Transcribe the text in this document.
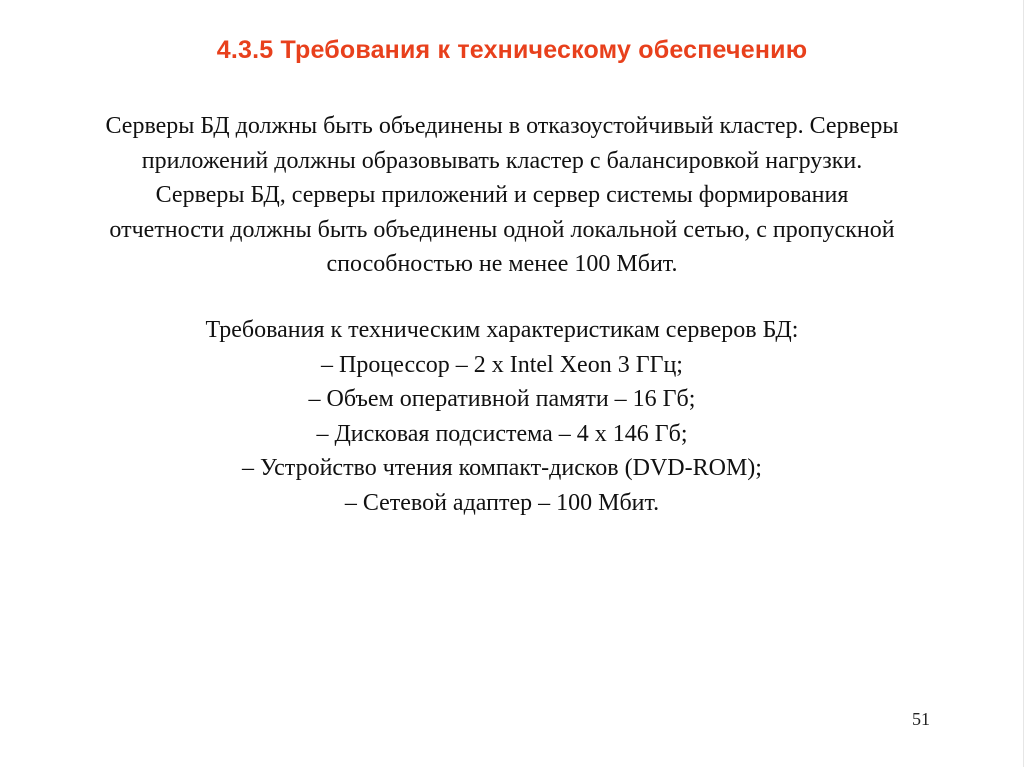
4.3.5 Требования к техническому обеспечению

Серверы БД должны быть объединены в отказоустойчивый кластер. Серверы
приложений должны образовывать кластер с балансировкой нагрузки.
Серверы БД, серверы приложений и сервер системы формирования
отчетности должны быть объединены одной локальной сетью, с пропускной
способностью не менее 100 Мбит.

Требования к техническим характеристикам серверов БД:
– Процессор – 2 x Intel Xeon 3 ГГц;
– Объем оперативной памяти – 16 Гб;
– Дисковая подсистема – 4 x 146 Гб;
– Устройство чтения компакт-дисков (DVD-ROM);
– Сетевой адаптер – 100 Мбит.

51
